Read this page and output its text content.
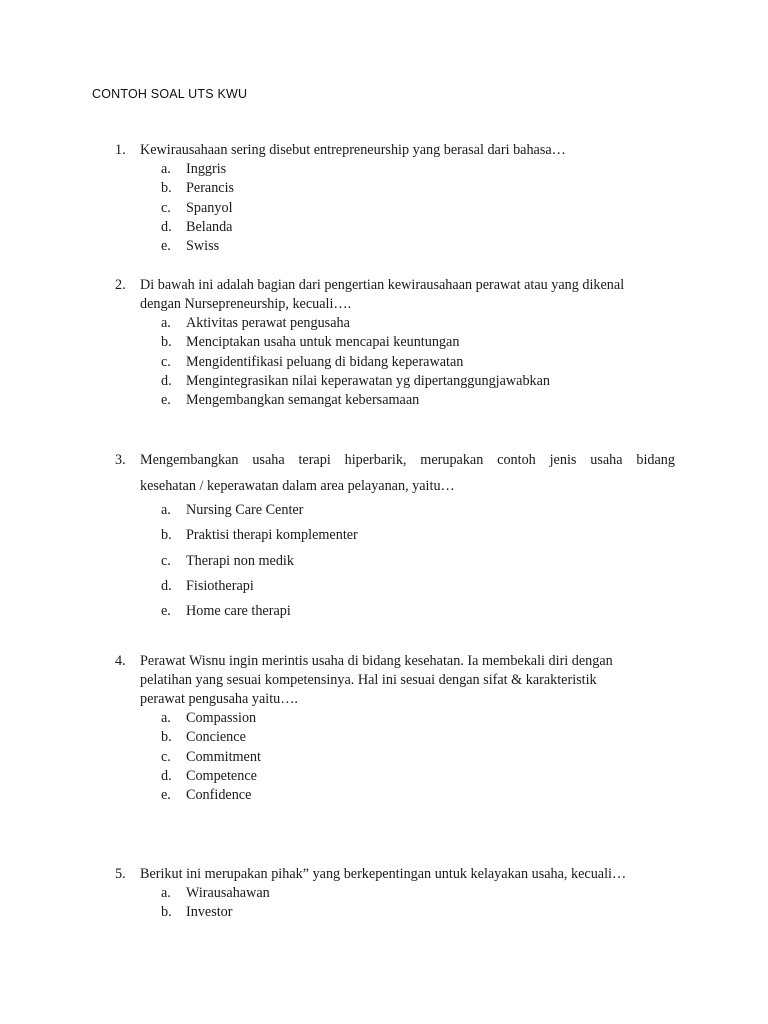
CONTOH SOAL UTS KWU
1. Kewirausahaan sering disebut entrepreneurship yang berasal dari bahasa…
a. Inggris
b. Perancis
c. Spanyol
d. Belanda
e. Swiss
2. Di bawah ini adalah bagian dari pengertian kewirausahaan perawat atau yang dikenal
dengan Nursepreneurship, kecuali….
a. Aktivitas perawat pengusaha
b. Menciptakan usaha untuk mencapai keuntungan
c. Mengidentifikasi peluang di bidang keperawatan
d. Mengintegrasikan nilai keperawatan yg dipertanggungjawabkan
e. Mengembangkan semangat kebersamaan
3. Mengembangkan usaha terapi hiperbarik, merupakan contoh jenis usaha bidang
kesehatan / keperawatan dalam area pelayanan, yaitu…
a. Nursing Care Center
b. Praktisi therapi komplementer
c. Therapi non medik
d. Fisiotherapi
e. Home care therapi
4. Perawat Wisnu ingin merintis usaha di bidang kesehatan. Ia membekali diri dengan
pelatihan yang sesuai kompetensinya. Hal ini sesuai dengan sifat & karakteristik
perawat pengusaha yaitu….
a. Compassion
b. Concience
c. Commitment
d. Competence
e. Confidence
5. Berikut ini merupakan pihak” yang berkepentingan untuk kelayakan usaha, kecuali…
a. Wirausahawan
b. Investor
